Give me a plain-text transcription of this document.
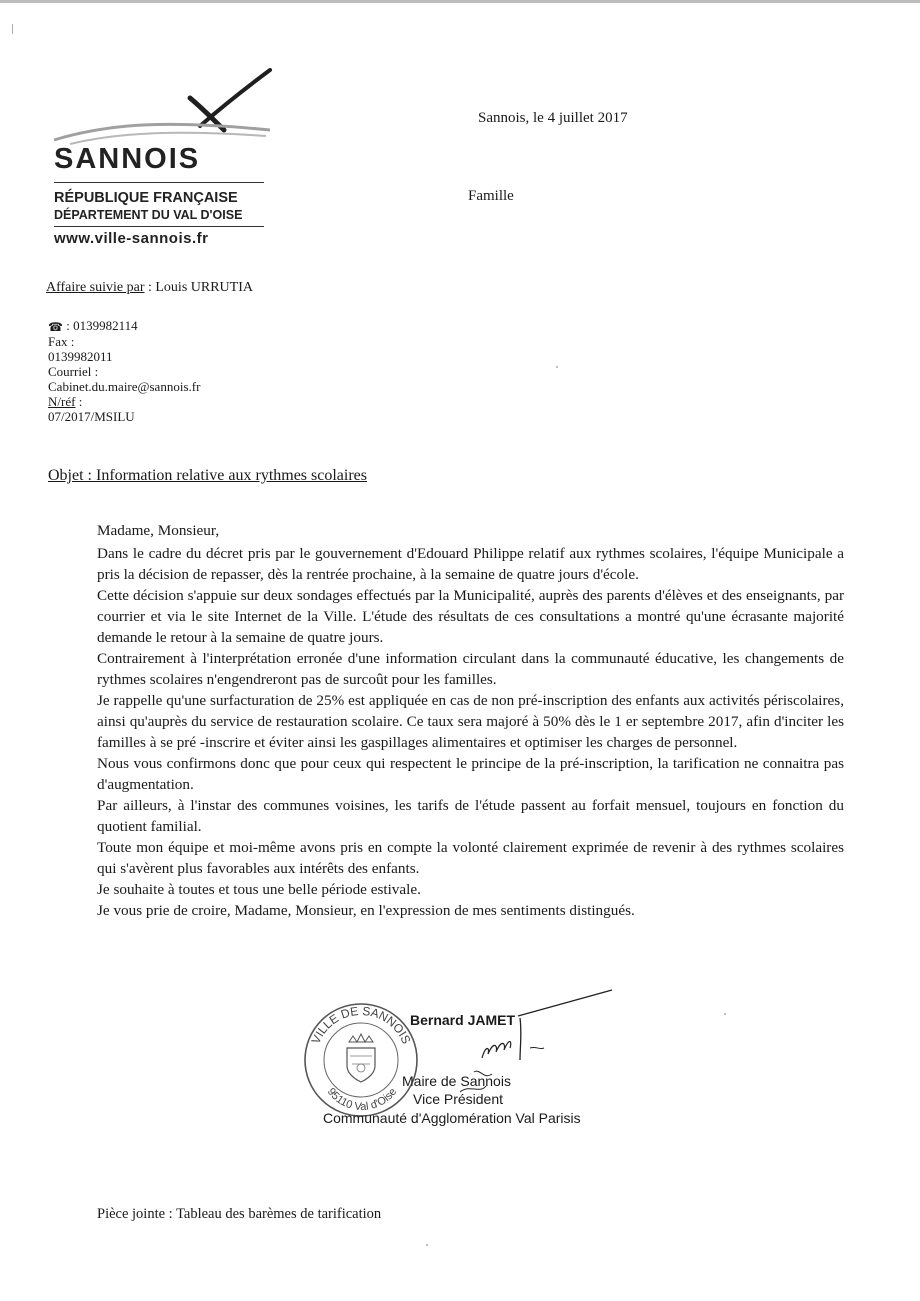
SANNOIS
RÉPUBLIQUE FRANÇAISE
DÉPARTEMENT DU VAL D'OISE
www.ville-sannois.fr
Sannois, le 4 juillet 2017
Famille
Affaire suivie par : Louis URRUTIA
☎ : 0139982114
Fax :
0139982011
Courriel :
Cabinet.du.maire@sannois.fr
N/réf :
07/2017/MSILU
Objet : Information relative aux rythmes scolaires

Madame, Monsieur,

Dans le cadre du décret pris par le gouvernement d'Edouard Philippe relatif aux rythmes scolaires, l'équipe Municipale a pris la décision de repasser, dès la rentrée prochaine, à la semaine de quatre jours d'école.

Cette décision s'appuie sur deux sondages effectués par la Municipalité, auprès des parents d'élèves et des enseignants, par courrier et via le site Internet de la Ville. L'étude des résultats de ces consultations a montré qu'une écrasante majorité demande le retour à la semaine de quatre jours.

Contrairement à l'interprétation erronée d'une information circulant dans la communauté éducative, les changements de rythmes scolaires n'engendreront pas de surcoût pour les familles.

Je rappelle qu'une surfacturation de 25% est appliquée en cas de non pré-inscription des enfants aux activités périscolaires, ainsi qu'auprès du service de restauration scolaire. Ce taux sera majoré à 50% dès le 1 er septembre 2017, afin d'inciter les familles à se pré -inscrire et éviter ainsi les gaspillages alimentaires et optimiser les charges de personnel.

Nous vous confirmons donc que pour ceux qui respectent le principe de la pré-inscription, la tarification ne connaitra pas d'augmentation.

Par ailleurs, à l'instar des communes voisines, les tarifs de l'étude passent au forfait mensuel, toujours en fonction du quotient familial.

Toute mon équipe et moi-même avons pris en compte la volonté clairement exprimée de revenir à des rythmes scolaires qui s'avèrent plus favorables aux intérêts des enfants.

Je souhaite à toutes et tous une belle période estivale.

Je vous prie de croire, Madame, Monsieur, en l'expression de mes sentiments distingués.

VILLE DE SANNOIS
95110 Val d'Oise
Bernard JAMET
Maire de Sannois
Vice Président
Communauté d'Agglomération Val Parisis
Pièce jointe : Tableau des barèmes de tarification
